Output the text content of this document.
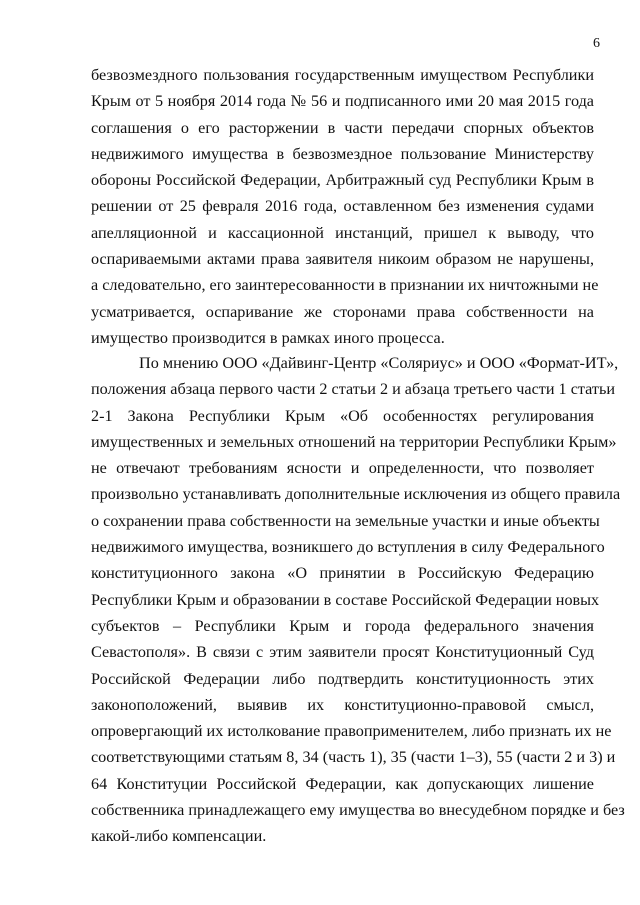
6
безвозмездного пользования государственным имуществом Республики
Крым от 5 ноября 2014 года № 56 и подписанного ими 20 мая 2015 года
соглашения о его расторжении в части передачи спорных объектов
недвижимого имущества в безвозмездное пользование Министерству
обороны Российской Федерации, Арбитражный суд Республики Крым в
решении от 25 февраля 2016 года, оставленном без изменения судами
апелляционной и кассационной инстанций, пришел к выводу, что
оспариваемыми актами права заявителя никоим образом не нарушены,
а следовательно, его заинтересованности в признании их ничтожными не
усматривается, оспаривание же сторонами права собственности на
имущество производится в рамках иного процесса.
По мнению ООО «Дайвинг-Центр «Соляриус» и ООО «Формат-ИТ»,
положения абзаца первого части 2 статьи 2 и абзаца третьего части 1 статьи
2-1 Закона Республики Крым «Об особенностях регулирования
имущественных и земельных отношений на территории Республики Крым»
не отвечают требованиям ясности и определенности, что позволяет
произвольно устанавливать дополнительные исключения из общего правила
о сохранении права собственности на земельные участки и иные объекты
недвижимого имущества, возникшего до вступления в силу Федерального
конституционного закона «О принятии в Российскую Федерацию
Республики Крым и образовании в составе Российской Федерации новых
субъектов – Республики Крым и города федерального значения
Севастополя». В связи с этим заявители просят Конституционный Суд
Российской Федерации либо подтвердить конституционность этих
законоположений, выявив их конституционно-правовой смысл,
опровергающий их истолкование правоприменителем, либо признать их не
соответствующими статьям 8, 34 (часть 1), 35 (части 1–3), 55 (части 2 и 3) и
64 Конституции Российской Федерации, как допускающих лишение
собственника принадлежащего ему имущества во внесудебном порядке и без
какой-либо компенсации.
